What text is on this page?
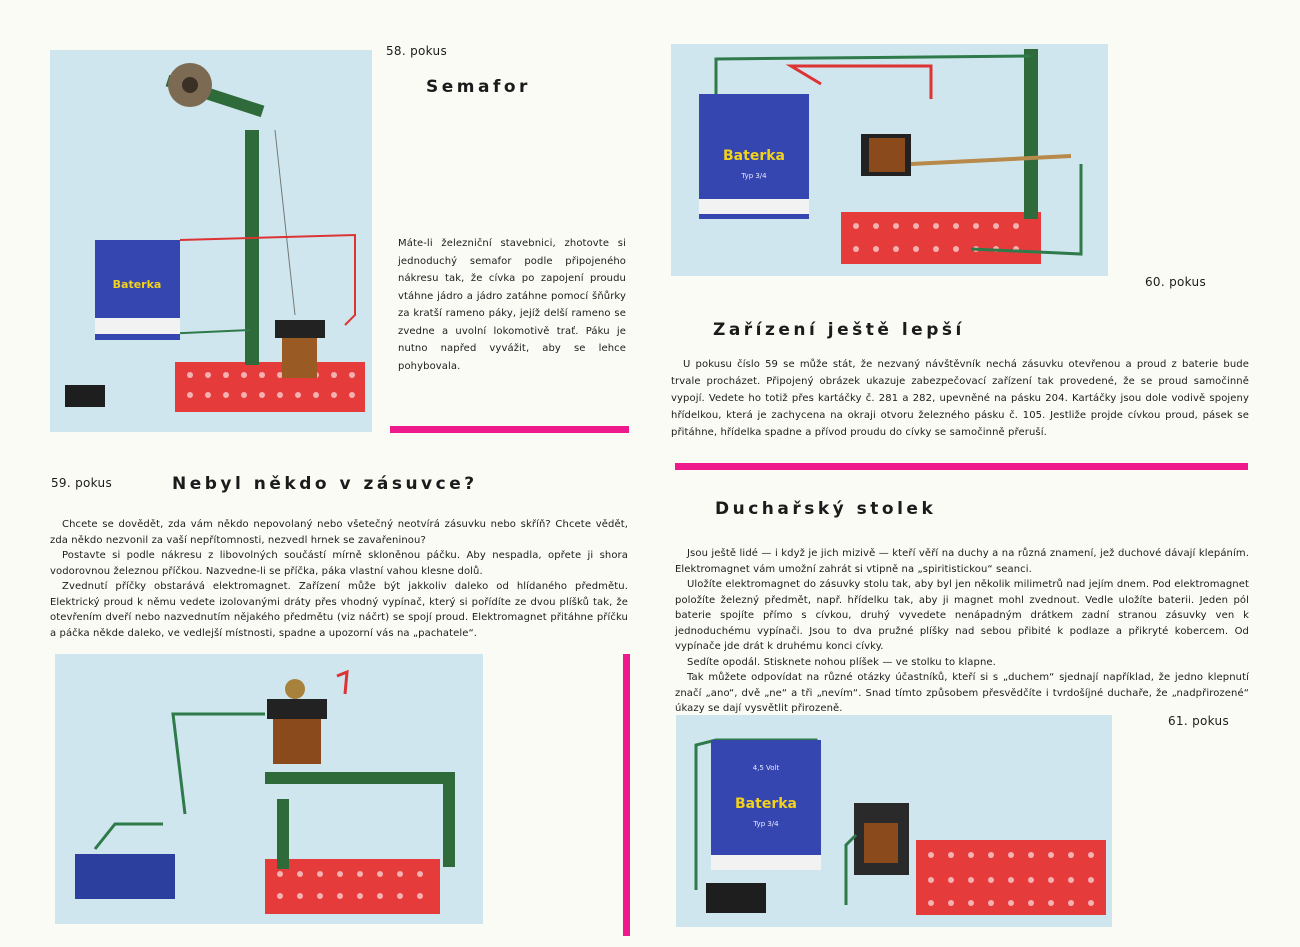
Baterka
58. pokus
Semafor
Máte-li železniční stavebnici, zhotovte si jednoduchý semafor podle připojeného nákresu tak, že cívka po zapojení proudu vtáhne jádro a jádro zatáhne pomocí šňůrky za kratší rameno páky, jejíž delší rameno se zvedne a uvolní lokomotivě trať. Páku je nutno napřed vyvážit, aby se lehce pohybovala.
59. pokus	Nebyl někdo v zásuvce?

Chcete se dovědět, zda vám někdo nepovolaný nebo všetečný neotvírá zásuvku nebo skříň? Chcete vědět, zda někdo nezvonil za vaší nepřítomnosti, nezvedl hrnek se zavařeninou?

Postavte si podle nákresu z libovolných součástí mírně skloněnou páčku. Aby nespadla, opřete ji shora vodorovnou železnou příčkou. Nazvedne-li se příčka, páka vlastní vahou klesne dolů.

Zvednutí příčky obstarává elektromagnet. Zařízení může být jakkoliv daleko od hlídaného předmětu. Elektrický proud k němu vedete izolovanými dráty přes vhodný vypínač, který si pořídíte ze dvou plíšků tak, že otevřením dveří nebo nazvednutím nějakého předmětu (viz náčrt) se spojí proud. Elektromagnet přitáhne příčku a páčka někde daleko, ve vedlejší místnosti, spadne a upozorní vás na „pachatele“.

Baterka
Typ 3/4
60. pokus
Zařízení ještě lepší
U pokusu číslo 59 se může stát, že nezvaný návštěvník nechá zásuvku otevřenou a proud z baterie bude trvale procházet. Připojený obrázek ukazuje zabezpečovací zařízení tak provedené, že se proud samočinně vypojí. Vedete ho totiž přes kartáčky č. 281 a 282, upevněné na pásku 204. Kartáčky jsou dole vodivě spojeny hřídelkou, která je zachycena na okraji otvoru železného pásku č. 105. Jestliže projde cívkou proud, pásek se přitáhne, hřídelka spadne a přívod proudu do cívky se samočinně přeruší.
Duchařský stolek

Jsou ještě lidé — i když je jich mizivě — kteří věří na duchy a na různá znamení, jež duchové dávají klepáním. Elektromagnet vám umožní zahrát si vtipně na „spiritistickou“ seanci.

Uložíte elektromagnet do zásuvky stolu tak, aby byl jen několik milimetrů nad jejím dnem. Pod elektromagnet položíte železný předmět, např. hřídelku tak, aby ji magnet mohl zvednout. Vedle uložíte baterii. Jeden pól baterie spojíte přímo s cívkou, druhý vyvedete nenápadným drátkem zadní stranou zásuvky ven k jednoduchému vypínači. Jsou to dva pružné plíšky nad sebou přibité k podlaze a přikryté kobercem. Od vypínače jde drát k druhému konci cívky.

Sedíte opodál. Stisknete nohou plíšek — ve stolku to klapne.

Tak můžete odpovídat na různé otázky účastníků, kteří si s „duchem“ sjednají například, že jedno klepnutí značí „ano“, dvě „ne“ a tři „nevím“. Snad tímto způsobem přesvědčíte i tvrdošíjné duchaře, že „nadpřirozené“ úkazy se dají vysvětlit přirozeně.

61. pokus
Baterka
4,5 Volt
Typ 3/4
